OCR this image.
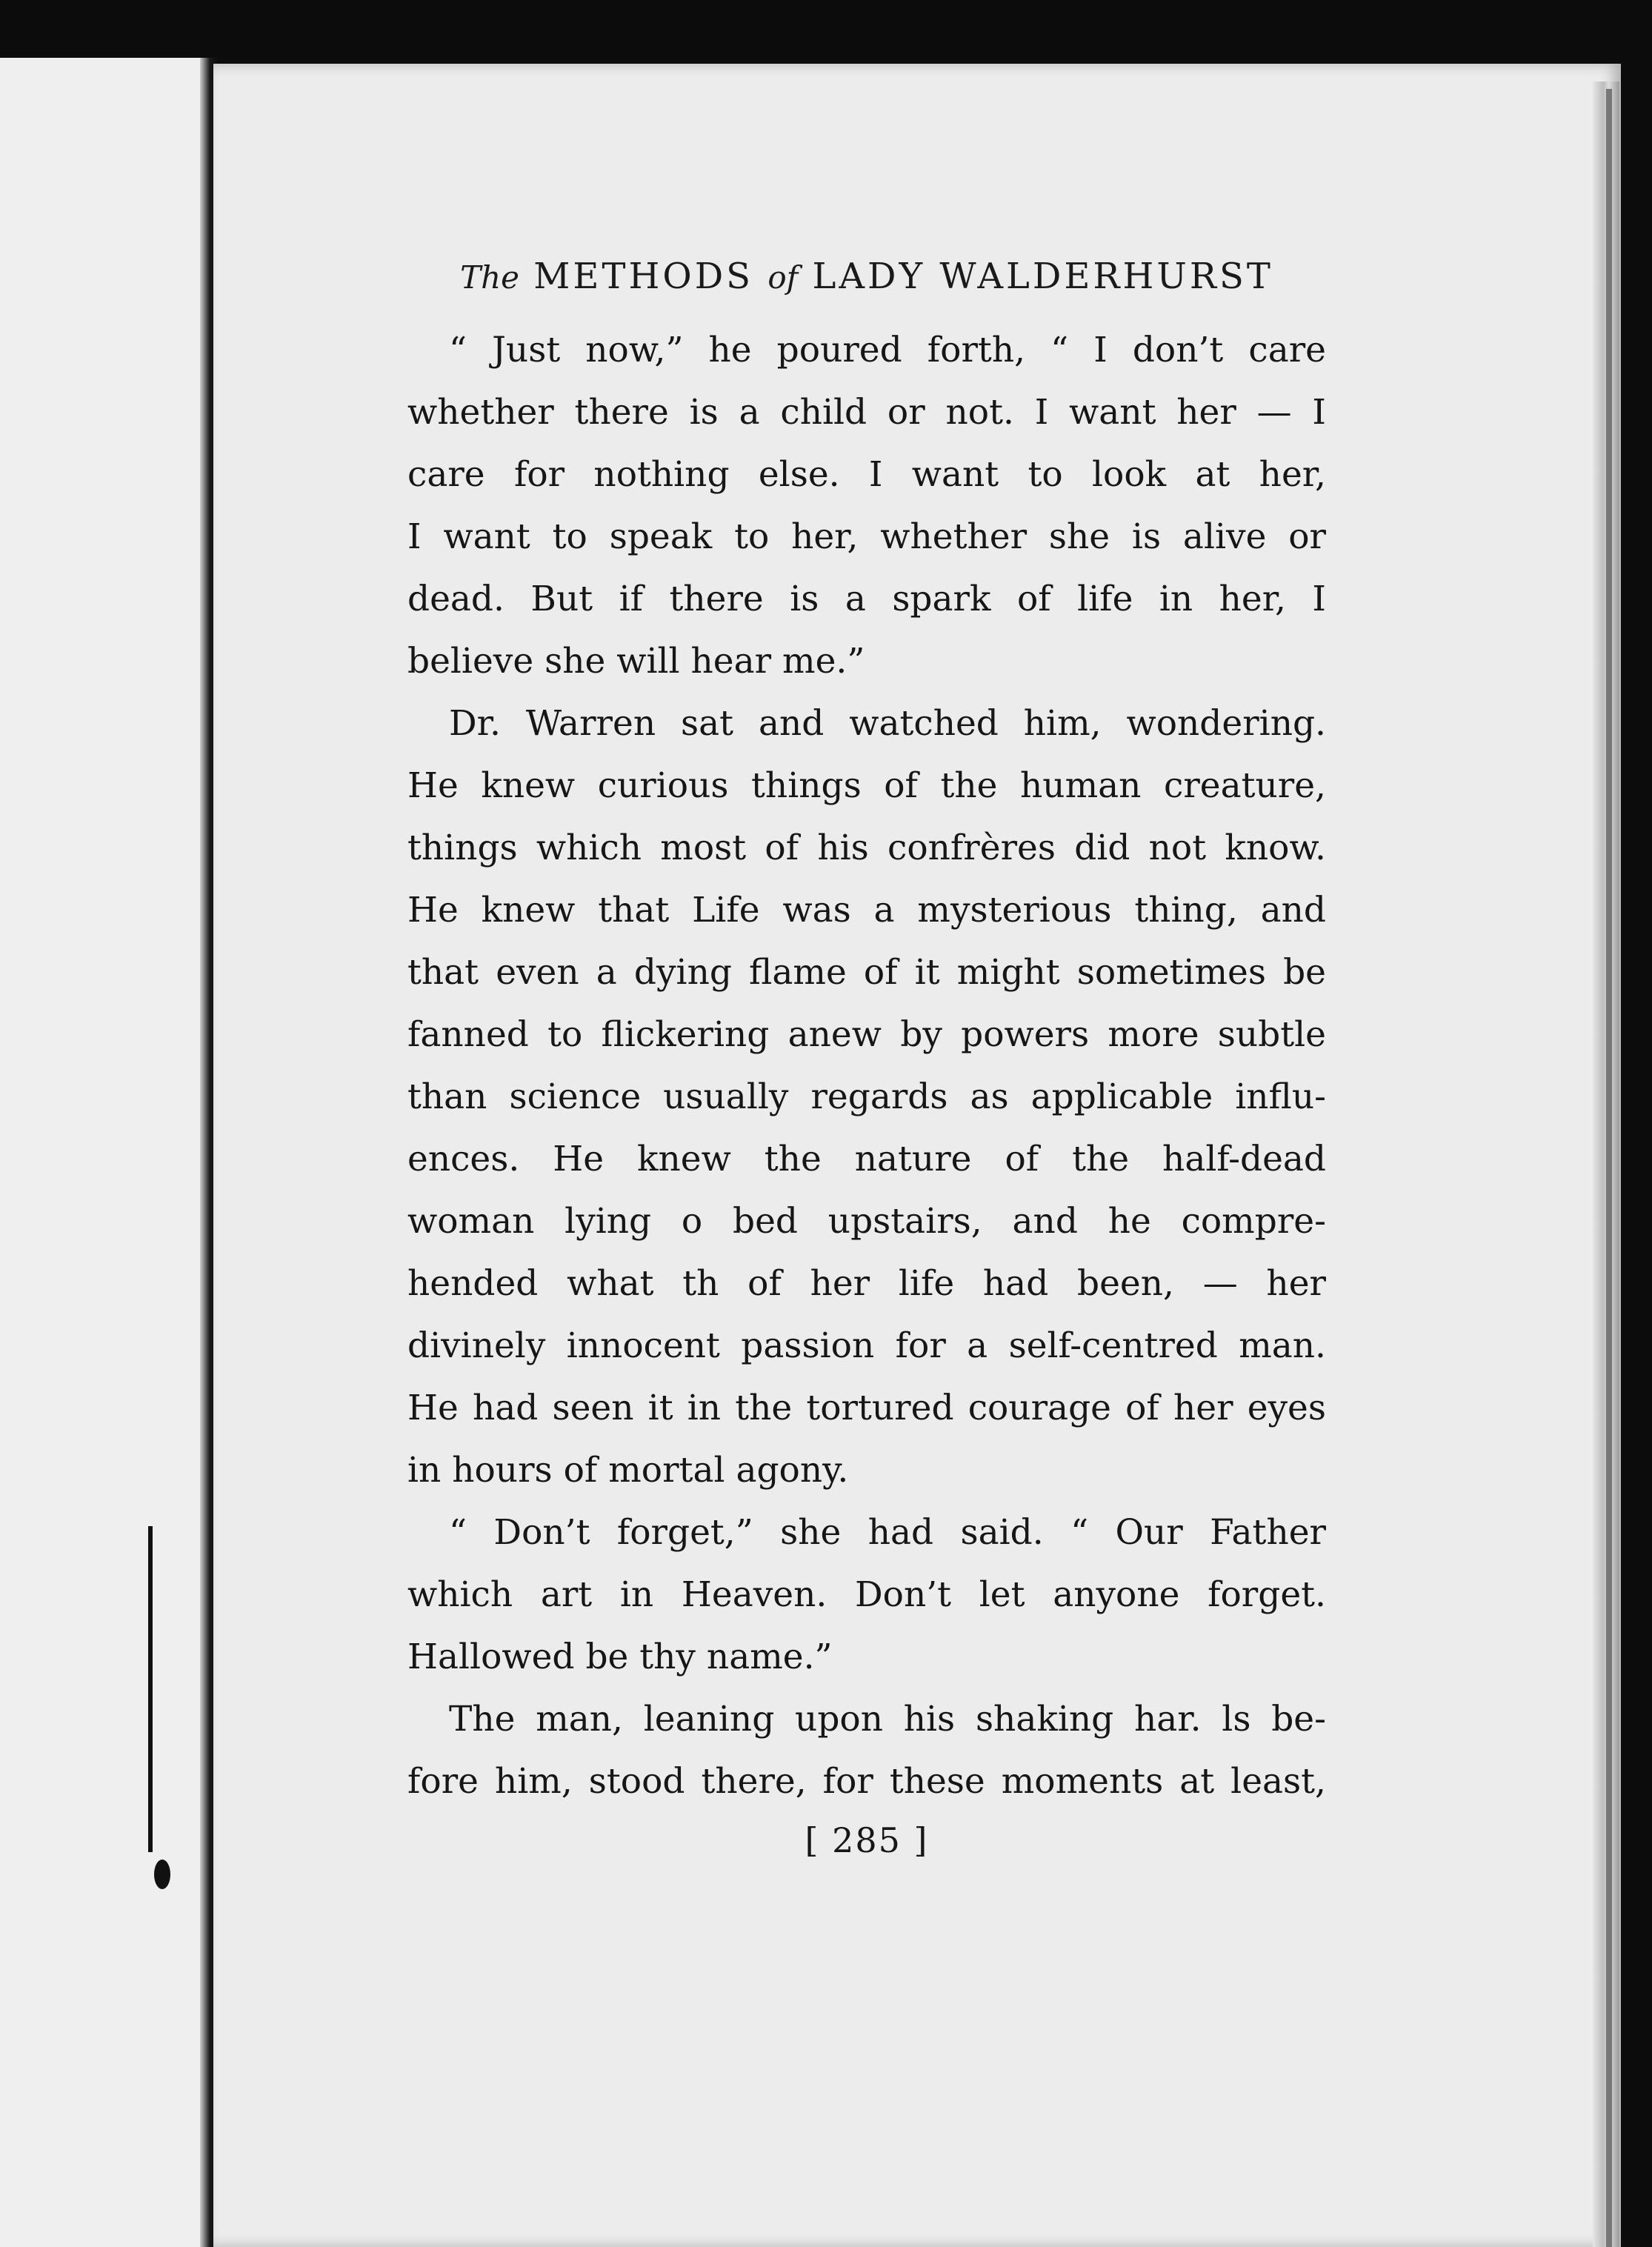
The METHODS of LADY WALDERHURST
“ Just now,” he poured forth, “ I don’t care
whether there is a child or not. I want her — I
care for nothing else. I want to look at her,
I want to speak to her, whether she is alive or
dead. But if there is a spark of life in her, I
believe she will hear me.”
Dr. Warren sat and watched him, wondering.
He knew curious things of the human creature,
things which most of his confrères did not know.
He knew that Life was a mysterious thing, and
that even a dying flame of it might sometimes be
fanned to flickering anew by powers more subtle
than science usually regards as applicable influ-
ences. He knew the nature of the half-dead
woman lying o bed upstairs, and he compre-
hended what th of her life had been, — her
divinely innocent passion for a self-centred man.
He had seen it in the tortured courage of her eyes
in hours of mortal agony.
“ Don’t forget,” she had said. “ Our Father
which art in Heaven. Don’t let anyone forget.
Hallowed be thy name.”
The man, leaning upon his shaking har. ls be-
fore him, stood there, for these moments at least,
[ 285 ]
